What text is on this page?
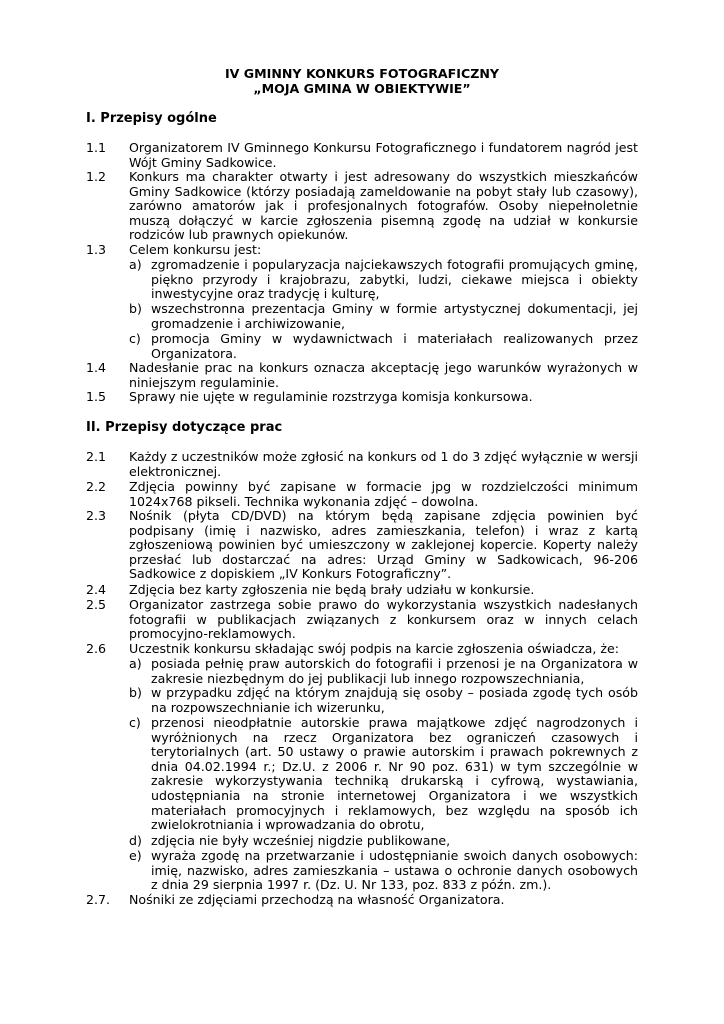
IV GMINNY KONKURS FOTOGRAFICZNY
„MOJA GMINA W OBIEKTYWIE”
I. Przepisy ogólne
1.1 Organizatorem IV Gminnego Konkursu Fotograficznego i fundatorem nagród jest Wójt Gminy Sadkowice.
1.2 Konkurs ma charakter otwarty i jest adresowany do wszystkich mieszkańców Gminy Sadkowice (którzy posiadają zameldowanie na pobyt stały lub czasowy), zarówno amatorów jak i profesjonalnych fotografów. Osoby niepełnoletnie muszą dołączyć w karcie zgłoszenia pisemną zgodę na udział w konkursie rodziców lub prawnych opiekunów.
1.3 Celem konkursu jest:
a) zgromadzenie i popularyzacja najciekawszych fotografii promujących gminę, piękno przyrody i krajobrazu, zabytki, ludzi, ciekawe miejsca i obiekty inwestycyjne oraz tradycję i kulturę,
b) wszechstronna prezentacja Gminy w formie artystycznej dokumentacji, jej gromadzenie i archiwizowanie,
c) promocja Gminy w wydawnictwach i materiałach realizowanych przez Organizatora.
1.4 Nadesłanie prac na konkurs oznacza akceptację jego warunków wyrażonych w niniejszym regulaminie.
1.5 Sprawy nie ujęte w regulaminie rozstrzyga komisja konkursowa.
II. Przepisy dotyczące prac
2.1 Każdy z uczestników może zgłosić na konkurs od 1 do 3 zdjęć wyłącznie w wersji elektronicznej.
2.2 Zdjęcia powinny być zapisane w formacie jpg w rozdzielczości minimum 1024x768 pikseli. Technika wykonania zdjęć – dowolna.
2.3 Nośnik (płyta CD/DVD) na którym będą zapisane zdjęcia powinien być podpisany (imię i nazwisko, adres zamieszkania, telefon) i wraz z kartą zgłoszeniową powinien być umieszczony w zaklejonej kopercie. Koperty należy przesłać lub dostarczać na adres: Urząd Gminy w Sadkowicach, 96-206 Sadkowice z dopiskiem „IV Konkurs Fotograficzny”.
2.4 Zdjęcia bez karty zgłoszenia nie będą brały udziału w konkursie.
2.5 Organizator zastrzega sobie prawo do wykorzystania wszystkich nadesłanych fotografii w publikacjach związanych z konkursem oraz w innych celach promocyjno-reklamowych.
2.6 Uczestnik konkursu składając swój podpis na karcie zgłoszenia oświadcza, że:
a) posiada pełnię praw autorskich do fotografii i przenosi je na Organizatora w zakresie niezbędnym do jej publikacji lub innego rozpowszechniania,
b) w przypadku zdjęć na którym znajdują się osoby – posiada zgodę tych osób na rozpowszechnianie ich wizerunku,
c) przenosi nieodpłatnie autorskie prawa majątkowe zdjęć nagrodzonych i wyróżnionych na rzecz Organizatora bez ograniczeń czasowych i terytorialnych (art. 50 ustawy o prawie autorskim i prawach pokrewnych z dnia 04.02.1994 r.; Dz.U. z 2006 r. Nr 90 poz. 631) w tym szczególnie w zakresie wykorzystywania techniką drukarską i cyfrową, wystawiania, udostępniania na stronie internetowej Organizatora i we wszystkich materiałach promocyjnych i reklamowych, bez względu na sposób ich zwielokrotniania i wprowadzania do obrotu,
d) zdjęcia nie były wcześniej nigdzie publikowane,
e) wyraża zgodę na przetwarzanie i udostępnianie swoich danych osobowych: imię, nazwisko, adres zamieszkania – ustawa o ochronie danych osobowych z dnia 29 sierpnia 1997 r. (Dz. U. Nr 133, poz. 833 z późn. zm.).
2.7. Nośniki ze zdjęciami przechodzą na własność Organizatora.
